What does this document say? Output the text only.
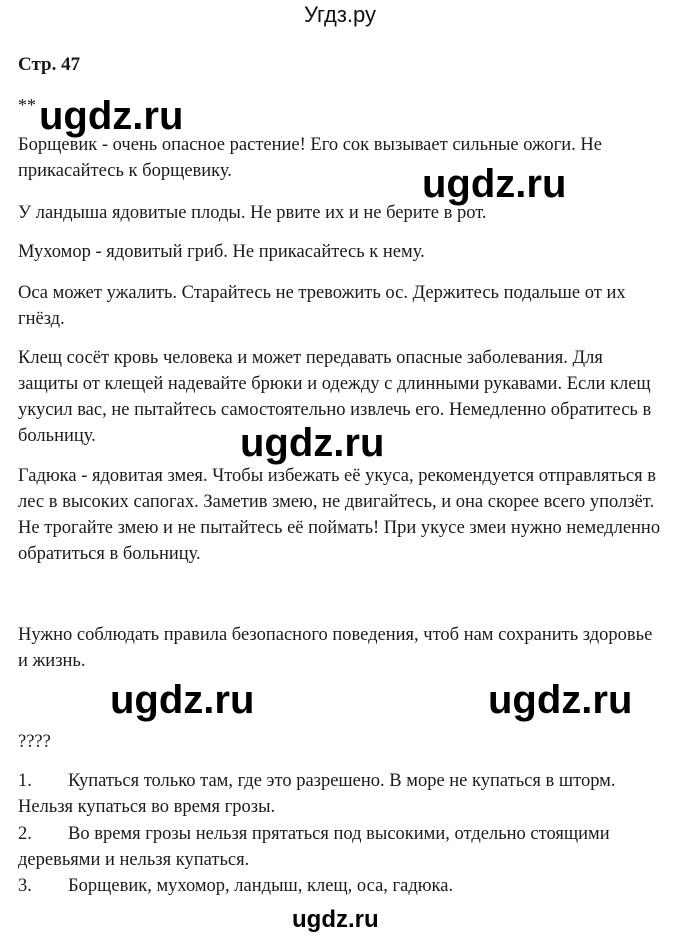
Угдз.ру
Стр. 47
**

Борщевик - очень опасное растение! Его сок вызывает сильные ожоги. Не прикасайтесь к борщевику.

У ландыша ядовитые плоды. Не рвите их и не берите в рот.

Мухомор - ядовитый гриб. Не прикасайтесь к нему.

Оса может ужалить. Старайтесь не тревожить ос. Держитесь подальше от их гнёзд.

Клещ сосёт кровь человека и может передавать опасные заболевания. Для защиты от клещей надевайте брюки и одежду с длинными рукавами. Если клещ укусил вас, не пытайтесь самостоятельно извлечь его. Немедленно обратитесь в больницу.

Гадюка - ядовитая змея. Чтобы избежать её укуса, рекомендуется отправляться в лес в высоких сапогах. Заметив змею, не двигайтесь, и она скорее всего уползёт. Не трогайте змею и не пытайтесь её поймать! При укусе змеи нужно немедленно обратиться в больницу.

Нужно соблюдать правила безопасного поведения, чтоб нам сохранить здоровье и жизнь.

????
1. Купаться только там, где это разрешено. В море не купаться в шторм. Нельзя купаться во время грозы.
2. Во время грозы нельзя прятаться под высокими, отдельно стоящими деревьями и нельзя купаться.
3. Борщевик, мухомор, ландыш, клещ, оса, гадюка.
ugdz.ru
ugdz.ru
ugdz.ru
ugdz.ru	ugdz.ru
ugdz.ru
